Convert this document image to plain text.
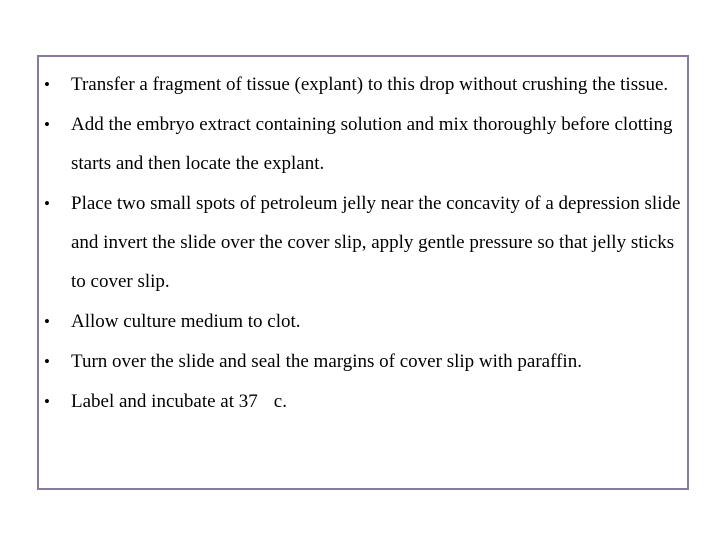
• Transfer a fragment of tissue (explant) to this drop without crushing the tissue.
• Add the embryo extract containing solution and mix thoroughly before clotting starts and then locate the explant.
• Place two small spots of petroleum jelly near the concavity of a depression slide and invert the slide over the cover slip, apply gentle pressure so that jelly sticks to cover slip.
• Allow culture medium to clot.
• Turn over the slide and seal the margins of cover slip with paraffin.
• Label and incubate at 37 c.
